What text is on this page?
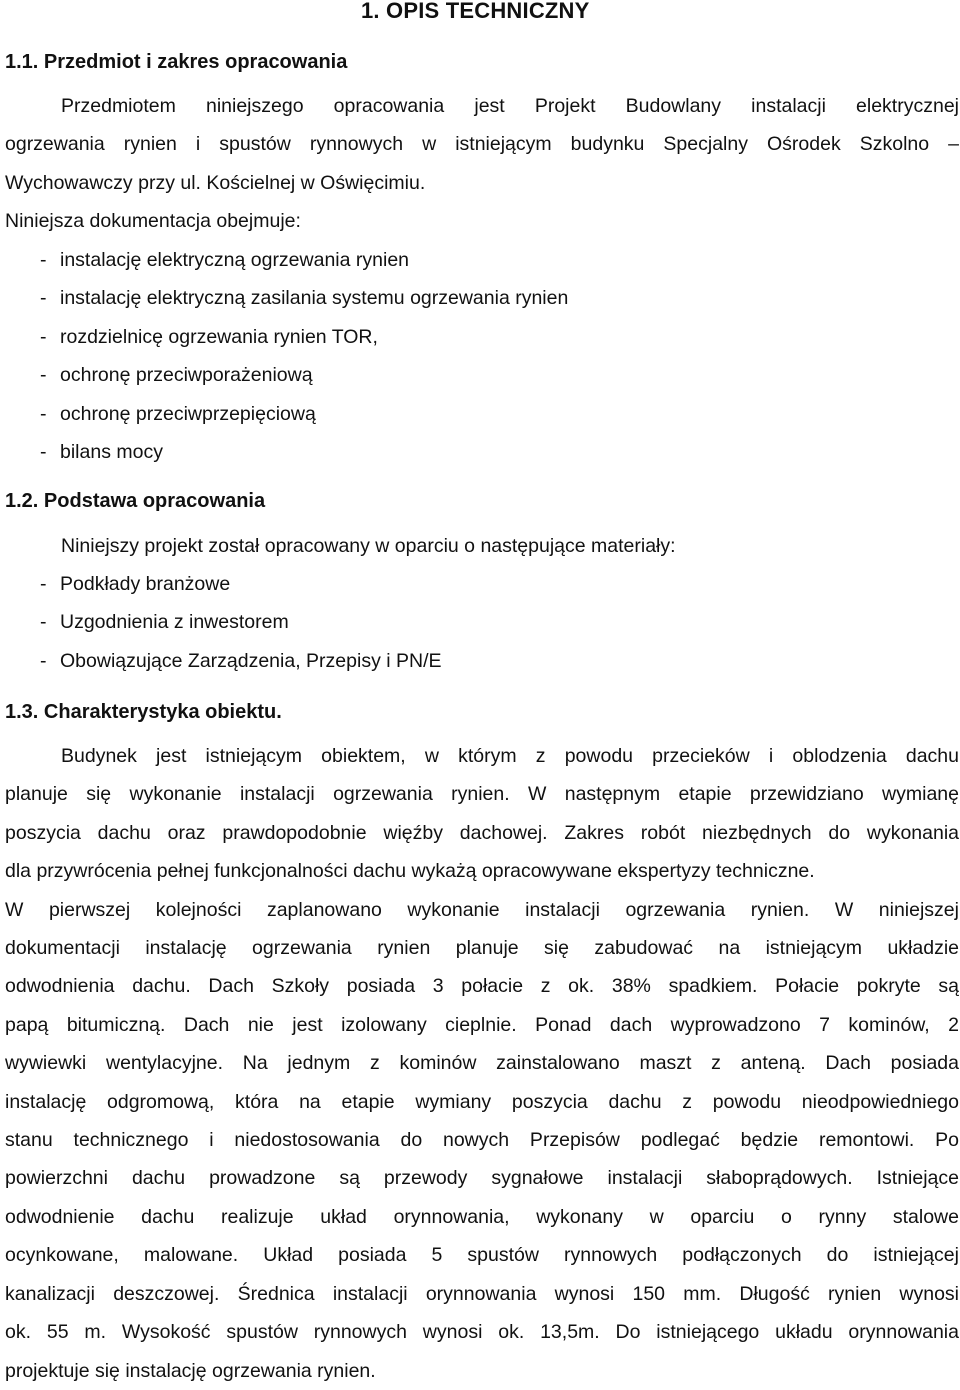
1. OPIS TECHNICZNY
1.1. Przedmiot i zakres opracowania
Przedmiotem niniejszego opracowania jest Projekt Budowlany instalacji elektrycznej
ogrzewania rynien i spustów rynnowych w istniejącym budynku Specjalny Ośrodek Szkolno –
Wychowawczy przy ul. Kościelnej w Oświęcimiu.

Niniejsza dokumentacja obejmuje:

- instalację elektryczną ogrzewania rynien
- instalację elektryczną zasilania systemu ogrzewania rynien
- rozdzielnicę ogrzewania rynien TOR,
- ochronę przeciwporażeniową
- ochronę przeciwprzepięciową
- bilans mocy
1.2. Podstawa opracowania

Niniejszy projekt został opracowany w oparciu o następujące materiały:

- Podkłady branżowe
- Uzgodnienia z inwestorem
- Obowiązujące Zarządzenia, Przepisy i PN/E
1.3. Charakterystyka obiektu.
Budynek jest istniejącym obiektem, w którym z powodu przecieków i oblodzenia dachu
planuje się wykonanie instalacji ogrzewania rynien. W następnym etapie przewidziano wymianę
poszycia dachu oraz prawdopodobnie więźby dachowej. Zakres robót niezbędnych do wykonania
dla przywrócenia pełnej funkcjonalności dachu wykażą opracowywane ekspertyzy techniczne.
W pierwszej kolejności zaplanowano wykonanie instalacji ogrzewania rynien. W niniejszej
dokumentacji instalację ogrzewania rynien planuje się zabudować na istniejącym układzie
odwodnienia dachu. Dach Szkoły posiada 3 połacie z ok. 38% spadkiem. Połacie pokryte są
papą bitumiczną. Dach nie jest izolowany cieplnie. Ponad dach wyprowadzono 7 kominów, 2
wywiewki wentylacyjne. Na jednym z kominów zainstalowano maszt z anteną. Dach posiada
instalację odgromową, która na etapie wymiany poszycia dachu z powodu nieodpowiedniego
stanu technicznego i niedostosowania do nowych Przepisów podlegać będzie remontowi. Po
powierzchni dachu prowadzone są przewody sygnałowe instalacji słaboprądowych. Istniejące
odwodnienie dachu realizuje układ orynnowania, wykonany w oparciu o rynny stalowe
ocynkowane, malowane. Układ posiada 5 spustów rynnowych podłączonych do istniejącej
kanalizacji deszczowej. Średnica instalacji orynnowania wynosi 150 mm. Długość rynien wynosi
ok. 55 m. Wysokość spustów rynnowych wynosi ok. 13,5m. Do istniejącego układu orynnowania
projektuje się instalację ogrzewania rynien.
